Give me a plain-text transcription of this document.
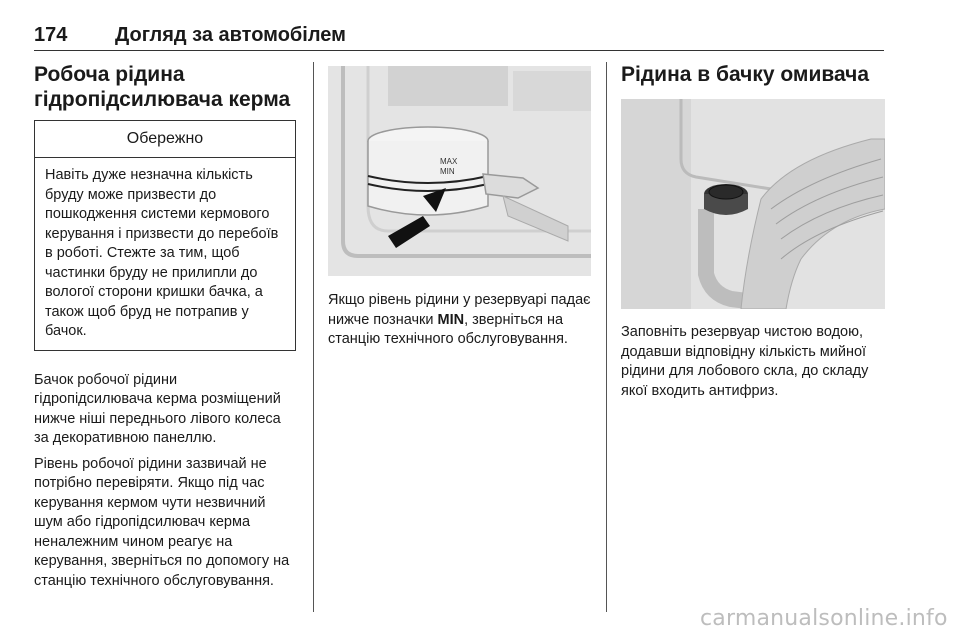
174 Догляд за автомобілем
Робоча рідина гідропідсилювача керма
Обережно
Навіть дуже незначна кількість бруду може призвести до пошкодження системи кермового керування і призвести до перебоїв в роботі. Стежте за тим, щоб частинки бруду не прилипли до вологої сторони кришки бачка, а також щоб бруд не потрапив у бачок.

Бачок робочої рідини гідропідсилювача керма розміщений нижче ніші переднього лівого колеса за декоративною панеллю.

Рівень робочої рідини зазвичай не потрібно перевіряти. Якщо під час керування кермом чути незвичний шум або гідропідсилювач керма неналежним чином реагує на керування, зверніться по допомогу на станцію технічного обслуговування.

MAX
MIN

Якщо рівень рідини у резервуарі падає нижче позначки MIN, зверніться на станцію технічного обслуговування.

Рідина в бачку омивача

Заповніть резервуар чистою водою, додавши відповідну кількість мийної рідини для лобового скла, до складу якої входить антифриз.

carmanualsonline.info
